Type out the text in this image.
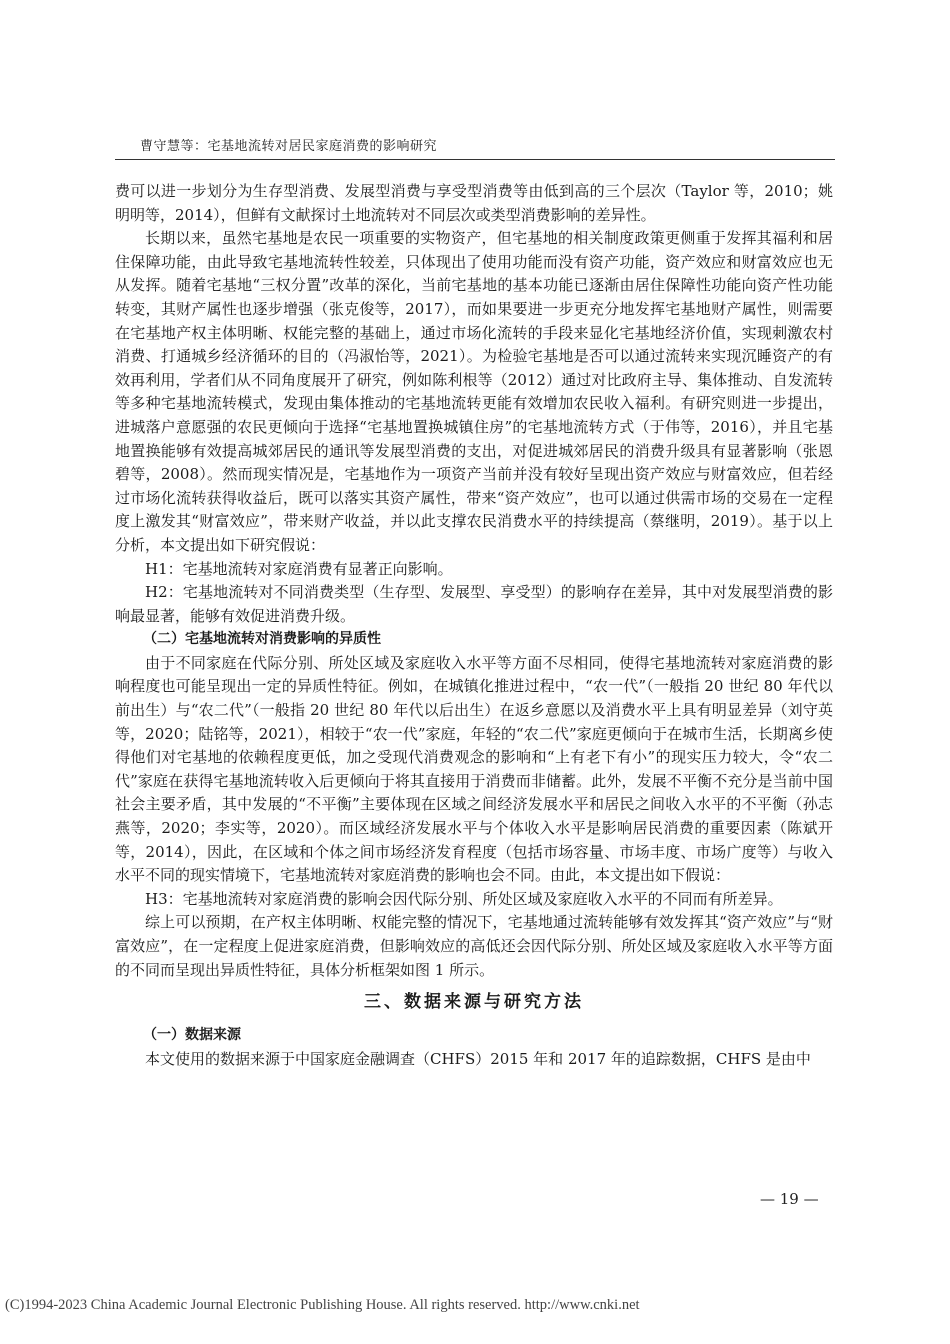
曹守慧等：宅基地流转对居民家庭消费的影响研究

费可以进一步划分为生存型消费、发展型消费与享受型消费等由低到高的三个层次（Taylor 等，2010；姚明明等，2014），但鲜有文献探讨土地流转对不同层次或类型消费影响的差异性。

长期以来，虽然宅基地是农民一项重要的实物资产，但宅基地的相关制度政策更侧重于发挥其福利和居住保障功能，由此导致宅基地流转性较差，只体现出了使用功能而没有资产功能，资产效应和财富效应也无从发挥。随着宅基地“三权分置”改革的深化，当前宅基地的基本功能已逐渐由居住保障性功能向资产性功能转变，其财产属性也逐步增强（张克俊等，2017），而如果要进一步更充分地发挥宅基地财产属性，则需要在宅基地产权主体明晰、权能完整的基础上，通过市场化流转的手段来显化宅基地经济价值，实现刺激农村消费、打通城乡经济循环的目的（冯淑怡等，2021）。为检验宅基地是否可以通过流转来实现沉睡资产的有效再利用，学者们从不同角度展开了研究，例如陈利根等（2012）通过对比政府主导、集体推动、自发流转等多种宅基地流转模式，发现由集体推动的宅基地流转更能有效增加农民收入福利。有研究则进一步提出，进城落户意愿强的农民更倾向于选择“宅基地置换城镇住房”的宅基地流转方式（于伟等，2016），并且宅基地置换能够有效提高城郊居民的通讯等发展型消费的支出，对促进城郊居民的消费升级具有显著影响（张恩碧等，2008）。然而现实情况是，宅基地作为一项资产当前并没有较好呈现出资产效应与财富效应，但若经过市场化流转获得收益后，既可以落实其资产属性，带来“资产效应”，也可以通过供需市场的交易在一定程度上激发其“财富效应”，带来财产收益，并以此支撑农民消费水平的持续提高（蔡继明，2019）。基于以上分析，本文提出如下研究假说：

H1：宅基地流转对家庭消费有显著正向影响。

H2：宅基地流转对不同消费类型（生存型、发展型、享受型）的影响存在差异，其中对发展型消费的影响最显著，能够有效促进消费升级。

（二）宅基地流转对消费影响的异质性

由于不同家庭在代际分别、所处区域及家庭收入水平等方面不尽相同，使得宅基地流转对家庭消费的影响程度也可能呈现出一定的异质性特征。例如，在城镇化推进过程中，“农一代”（一般指 20 世纪 80 年代以前出生）与“农二代”（一般指 20 世纪 80 年代以后出生）在返乡意愿以及消费水平上具有明显差异（刘守英等，2020；陆铭等，2021），相较于“农一代”家庭，年轻的“农二代”家庭更倾向于在城市生活，长期离乡使得他们对宅基地的依赖程度更低，加之受现代消费观念的影响和“上有老下有小”的现实压力较大，令“农二代”家庭在获得宅基地流转收入后更倾向于将其直接用于消费而非储蓄。此外，发展不平衡不充分是当前中国社会主要矛盾，其中发展的“不平衡”主要体现在区域之间经济发展水平和居民之间收入水平的不平衡（孙志燕等，2020；李实等，2020）。而区域经济发展水平与个体收入水平是影响居民消费的重要因素（陈斌开等，2014），因此，在区域和个体之间市场经济发育程度（包括市场容量、市场丰度、市场广度等）与收入水平不同的现实情境下，宅基地流转对家庭消费的影响也会不同。由此，本文提出如下假说：

H3：宅基地流转对家庭消费的影响会因代际分别、所处区域及家庭收入水平的不同而有所差异。

综上可以预期，在产权主体明晰、权能完整的情况下，宅基地通过流转能够有效发挥其“资产效应”与“财富效应”，在一定程度上促进家庭消费，但影响效应的高低还会因代际分别、所处区域及家庭收入水平等方面的不同而呈现出异质性特征，具体分析框架如图 1 所示。

三、数据来源与研究方法
（一）数据来源

本文使用的数据来源于中国家庭金融调查（CHFS）2015 年和 2017 年的追踪数据，CHFS 是由中

— 19 —
(C)1994-2023 China Academic Journal Electronic Publishing House. All rights reserved. http://www.cnki.net
